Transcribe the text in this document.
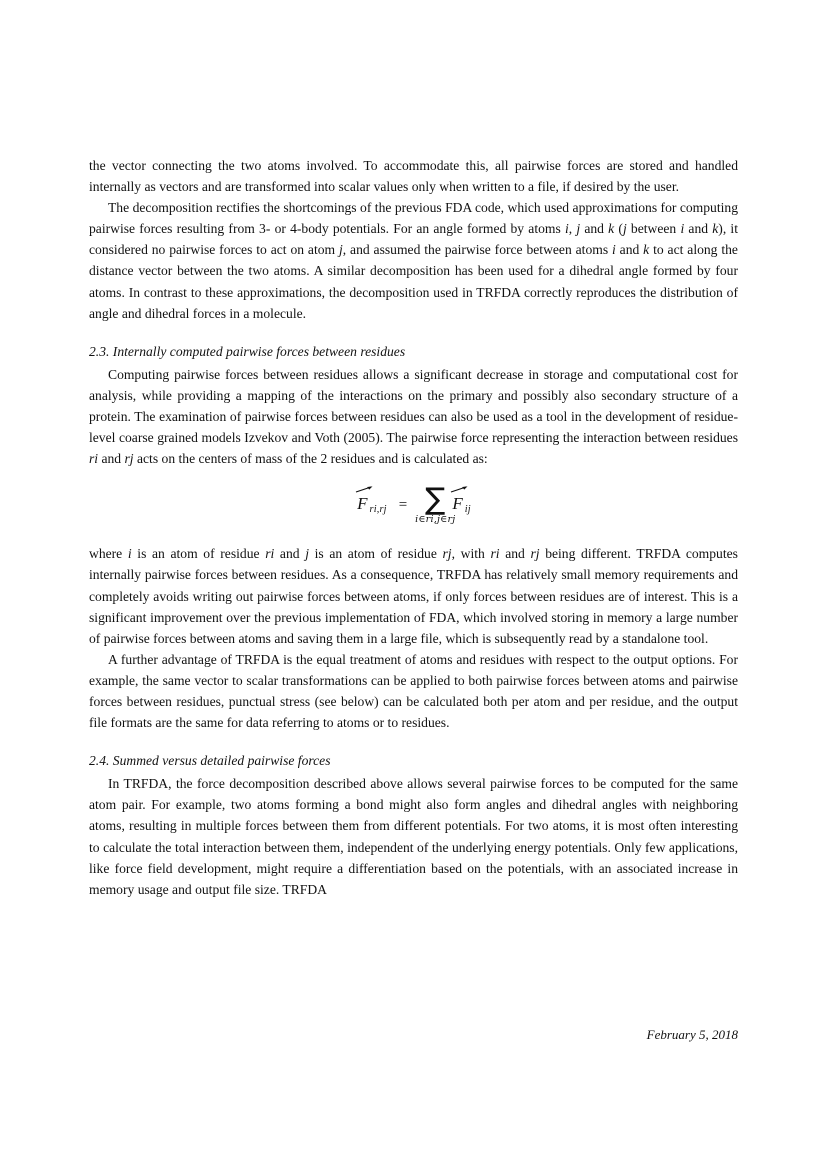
the vector connecting the two atoms involved. To accommodate this, all pairwise forces are stored and handled internally as vectors and are transformed into scalar values only when written to a file, if desired by the user.

The decomposition rectifies the shortcomings of the previous FDA code, which used approximations for computing pairwise forces resulting from 3- or 4-body potentials. For an angle formed by atoms i, j and k (j between i and k), it considered no pairwise forces to act on atom j, and assumed the pairwise force between atoms i and k to act along the distance vector between the two atoms. A similar decomposition has been used for a dihedral angle formed by four atoms. In contrast to these approximations, the decomposition used in TRFDA correctly reproduces the distribution of angle and dihedral forces in a molecule.

2.3. Internally computed pairwise forces between residues

Computing pairwise forces between residues allows a significant decrease in storage and computational cost for analysis, while providing a mapping of the interactions on the primary and possibly also secondary structure of a protein. The examination of pairwise forces between residues can also be used as a tool in the development of residue-level coarse grained models Izvekov and Voth (2005). The pairwise force representing the interaction between residues ri and rj acts on the centers of mass of the 2 residues and is calculated as:

F ri,rj = ∑
i∈ri,j∈rj
F ij

where i is an atom of residue ri and j is an atom of residue rj, with ri and rj being different. TRFDA computes internally pairwise forces between residues. As a consequence, TRFDA has relatively small memory requirements and completely avoids writing out pairwise forces between atoms, if only forces between residues are of interest. This is a significant improvement over the previous implementation of FDA, which involved storing in memory a large number of pairwise forces between atoms and saving them in a large file, which is subsequently read by a standalone tool.

A further advantage of TRFDA is the equal treatment of atoms and residues with respect to the output options. For example, the same vector to scalar transformations can be applied to both pairwise forces between atoms and pairwise forces between residues, punctual stress (see below) can be calculated both per atom and per residue, and the output file formats are the same for data referring to atoms or to residues.

2.4. Summed versus detailed pairwise forces

In TRFDA, the force decomposition described above allows several pairwise forces to be computed for the same atom pair. For example, two atoms forming a bond might also form angles and dihedral angles with neighboring atoms, resulting in multiple forces between them from different potentials. For two atoms, it is most often interesting to calculate the total interaction between them, independent of the underlying energy potentials. Only few applications, like force field development, might require a differentiation based on the potentials, with an associated increase in memory usage and output file size. TRFDA

February 5, 2018
